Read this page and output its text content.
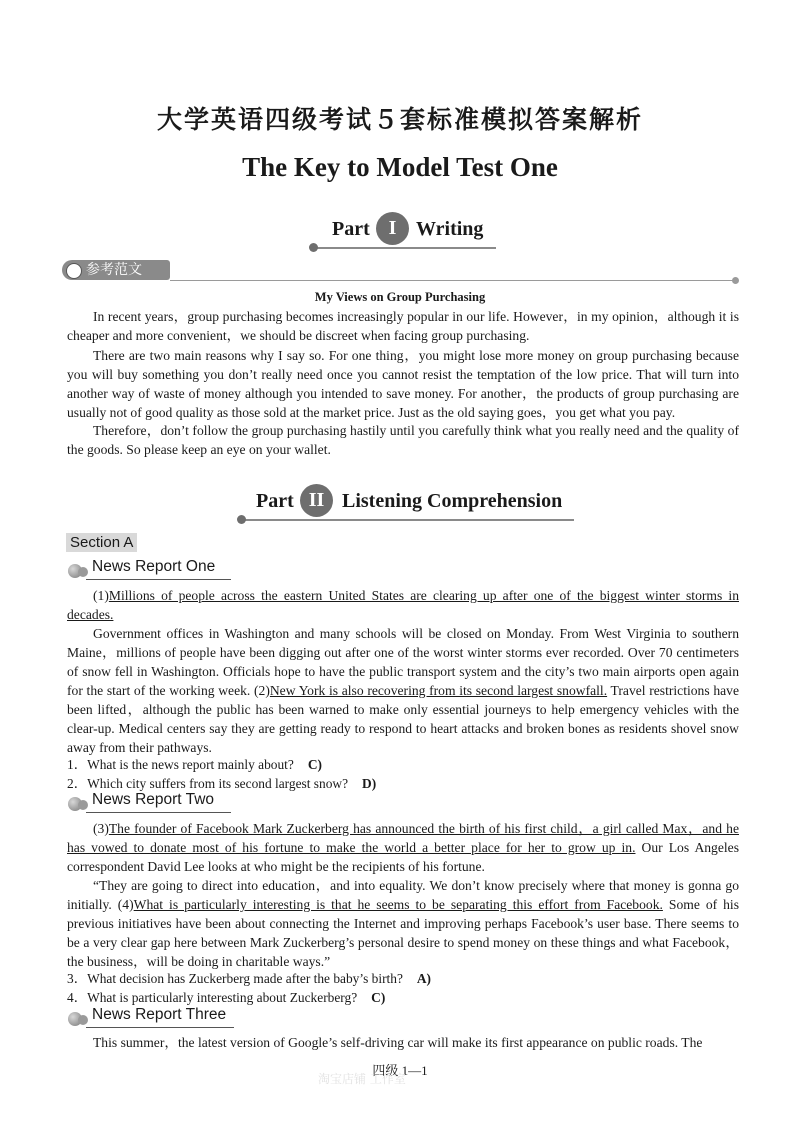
大学英语四级考试５套标准模拟答案解析
The Key to Model Test One
Part I Writing
参考范文
My Views on Group Purchasing

In recent years，group purchasing becomes increasingly popular in our life. However，in my opinion，although it is cheaper and more convenient，we should be discreet when facing group purchasing.

There are two main reasons why I say so. For one thing，you might lose more money on group purchasing because you will buy something you don’t really need once you cannot resist the temptation of the low price. That will turn into another way of waste of money although you intended to save money. For another，the products of group purchasing are usually not of good quality as those sold at the market price. Just as the old saying goes，you get what you pay.

Therefore，don’t follow the group purchasing hastily until you carefully think what you really need and the quality of the goods. So please keep an eye on your wallet.

Part II Listening Comprehension
Section A
News Report One

(1)Millions of people across the eastern United States are clearing up after one of the biggest winter storms in decades.

Government offices in Washington and many schools will be closed on Monday. From West Virginia to southern Maine，millions of people have been digging out after one of the worst winter storms ever recorded. Over 70 centimeters of snow fell in Washington. Officials hope to have the public transport system and the city’s two main airports open again for the start of the working week. (2)New York is also recovering from its second largest snowfall. Travel restrictions have been lifted，although the public has been warned to make only essential journeys to help emergency vehicles with the clear-up. Medical centers say they are getting ready to respond to heart attacks and broken bones as residents shovel snow away from their pathways.

1．What is the news report mainly about? C)
2．Which city suffers from its second largest snow? D)
News Report Two

(3)The founder of Facebook Mark Zuckerberg has announced the birth of his first child，a girl called Max，and he has vowed to donate most of his fortune to make the world a better place for her to grow up in. Our Los Angeles correspondent David Lee looks at who might be the recipients of his fortune.

“They are going to direct into education，and into equality. We don’t know precisely where that money is gonna go initially. (4)What is particularly interesting is that he seems to be separating this effort from Facebook. Some of his previous initiatives have been about connecting the Internet and improving perhaps Facebook’s user base. There seems to be a very clear gap here between Mark Zuckerberg’s personal desire to spend money on these things and what Facebook，the business，will be doing in charitable ways.”

3．What decision has Zuckerberg made after the baby’s birth? A)
4．What is particularly interesting about Zuckerberg? C)
News Report Three

This summer，the latest version of Google’s self-driving car will make its first appearance on public roads. The

四级 1—1
淘宝店铺 工作室
